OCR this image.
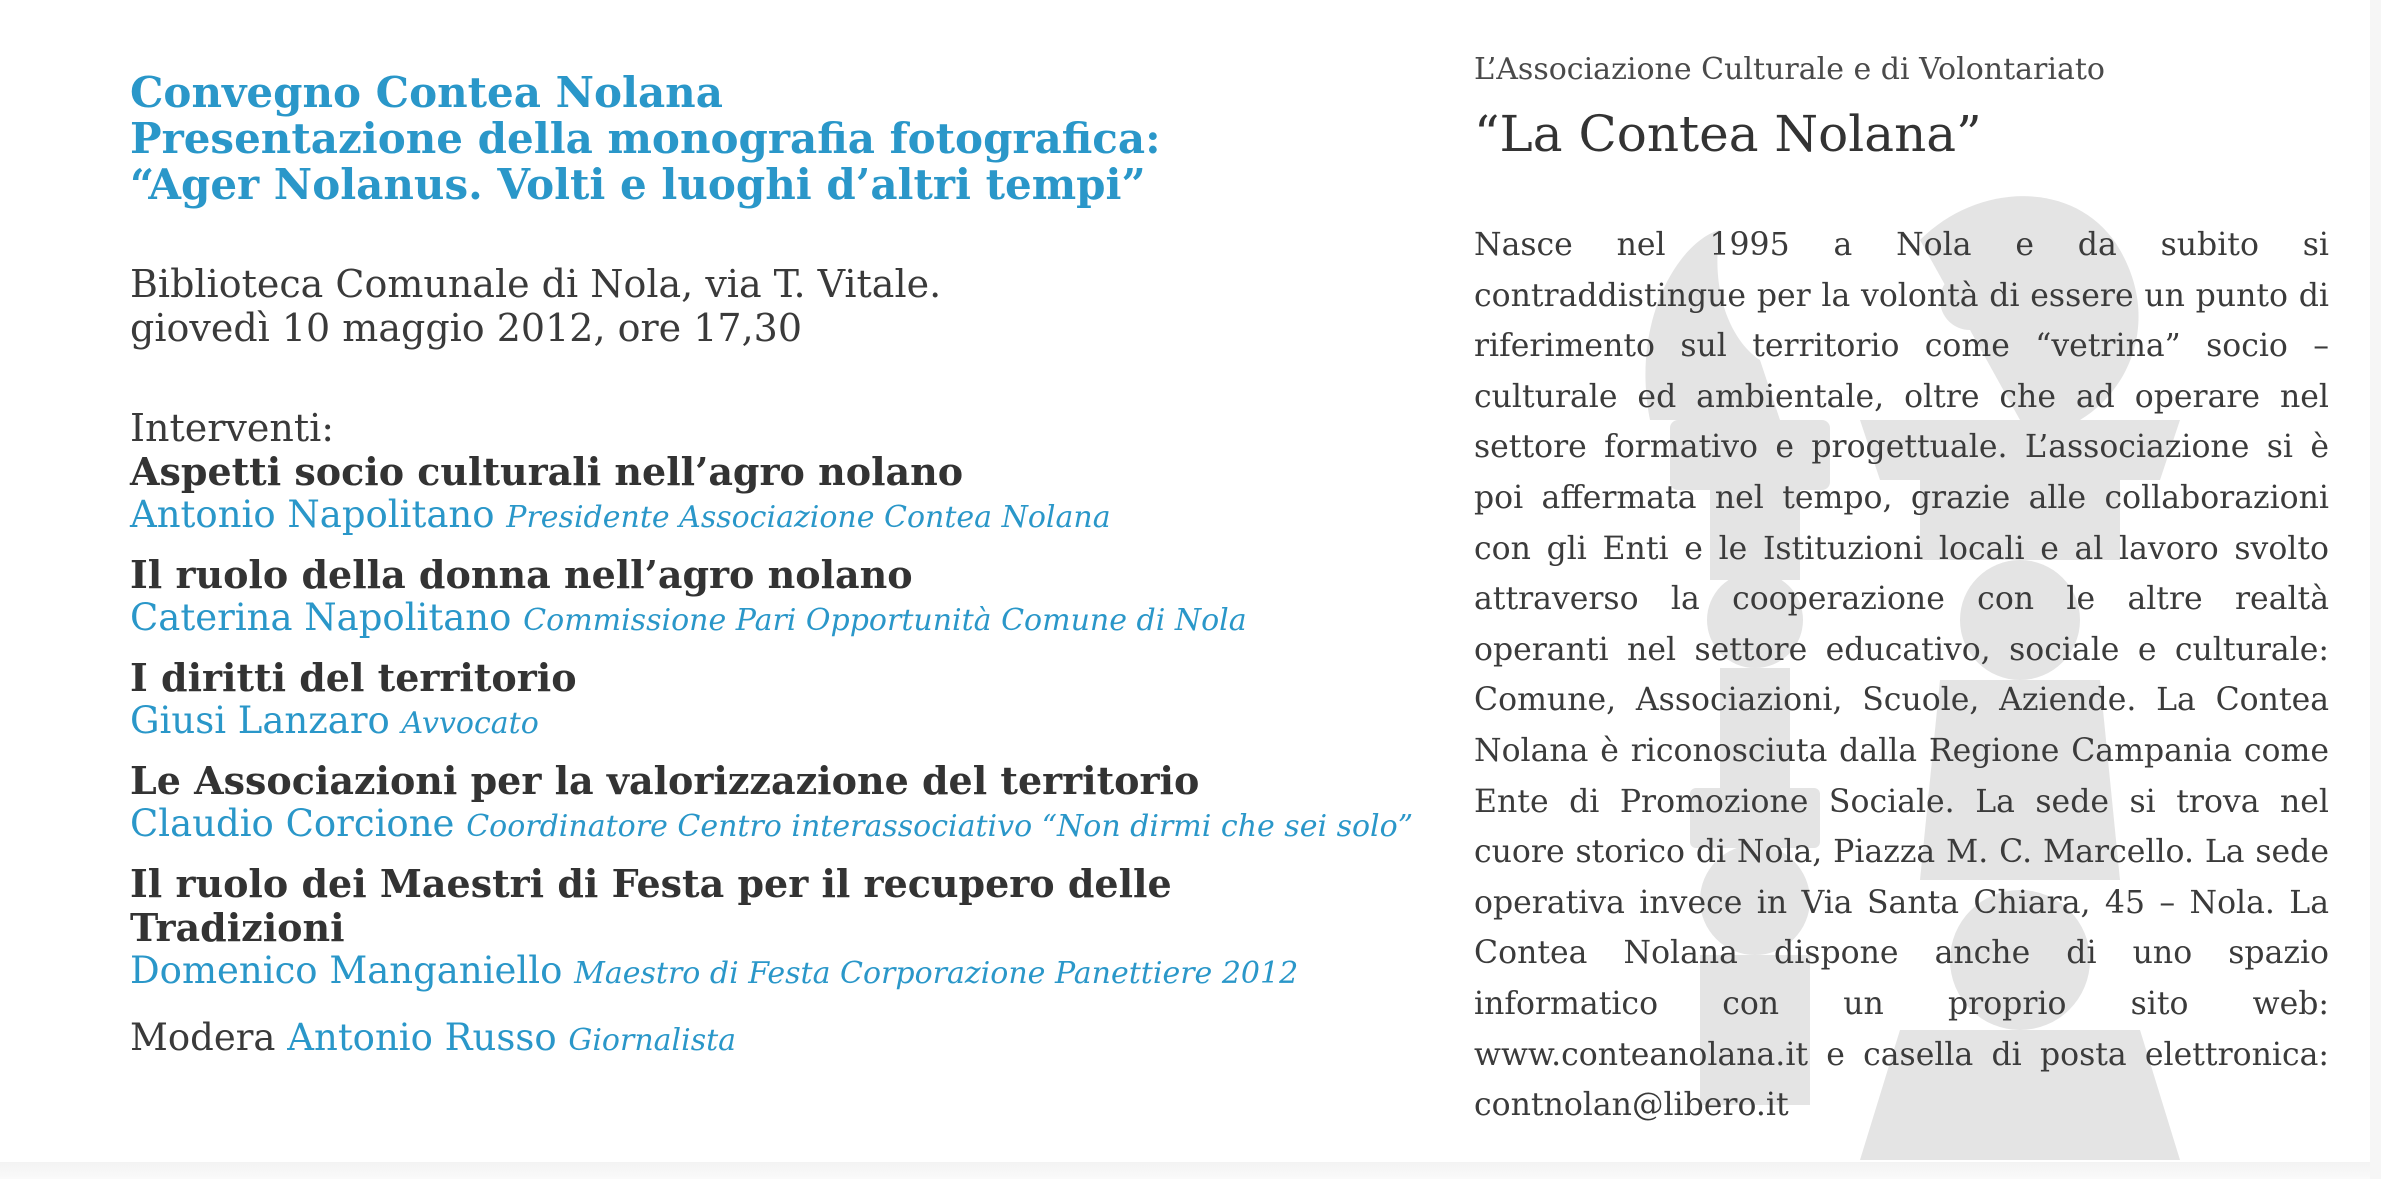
Convegno Contea Nolana
Presentazione della monografia fotografica:
“Ager Nolanus. Volti e luoghi d’altri tempi”
Biblioteca Comunale di Nola, via T. Vitale.
giovedì 10 maggio 2012, ore 17,30
Interventi:
Aspetti socio culturali nell’agro nolano
Antonio Napolitano Presidente Associazione Contea Nolana
Il ruolo della donna nell’agro nolano
Caterina Napolitano Commissione Pari Opportunità Comune di Nola
I diritti del territorio
Giusi Lanzaro Avvocato
Le Associazioni per la valorizzazione del territorio
Claudio Corcione Coordinatore Centro interassociativo “Non dirmi che sei solo”
Il ruolo dei Maestri di Festa per il recupero delle Tradizioni
Domenico Manganiello Maestro di Festa Corporazione Panettiere 2012
Modera Antonio Russo Giornalista
L’Associazione Culturale e di Volontariato
“La Contea Nolana”
Nasce nel 1995 a Nola e da subito si contraddistingue per la volontà di essere un punto di riferimento sul territorio come “vetrina” socio – culturale ed ambientale, oltre che ad operare nel settore formativo e progettuale. L’associazione si è poi affermata nel tempo, grazie alle collaborazioni con gli Enti e le Istituzioni locali e al lavoro svolto attraverso la cooperazione con le altre realtà operanti nel settore educativo, sociale e culturale: Comune, Associazioni, Scuole, Aziende. La Contea Nolana è riconosciuta dalla Regione Campania come Ente di Promozione Sociale. La sede si trova nel cuore storico di Nola, Piazza M. C. Marcello. La sede operativa invece in Via Santa Chiara, 45 – Nola. La Contea Nolana dispone anche di uno spazio informatico con un proprio sito web: www.conteanolana.it e casella di posta elettronica: contnolan@libero.it
